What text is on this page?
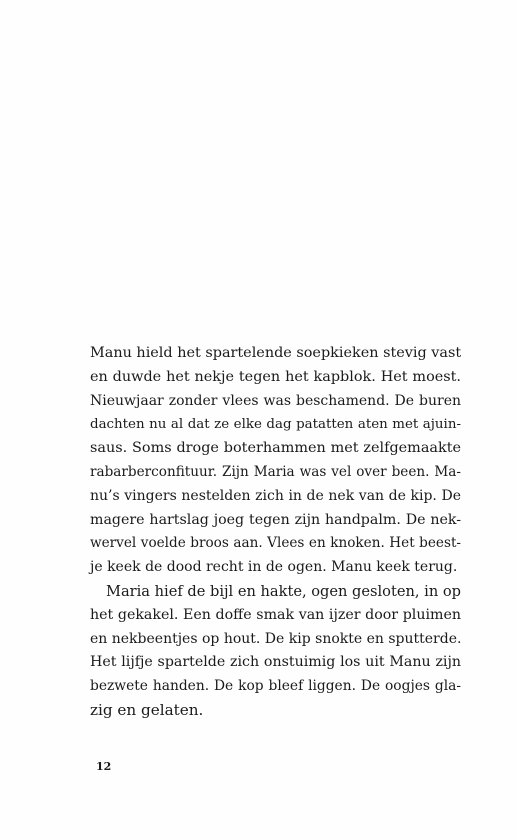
Manu hield het spartelende soepkieken stevig vast
en duwde het nekje tegen het kapblok. Het moest.
Nieuwjaar zonder vlees was beschamend. De buren
dachten nu al dat ze elke dag patatten aten met ajuin-
saus. Soms droge boterhammen met zelfgemaakte
rabarberconfituur. Zijn Maria was vel over been. Ma-
nu’s vingers nestelden zich in de nek van de kip. De
magere hartslag joeg tegen zijn handpalm. De nek-
wervel voelde broos aan. Vlees en knoken. Het beest-
je keek de dood recht in de ogen. Manu keek terug.
Maria hief de bijl en hakte, ogen gesloten, in op
het gekakel. Een doffe smak van ijzer door pluimen
en nekbeentjes op hout. De kip snokte en sputterde.
Het lijfje spartelde zich onstuimig los uit Manu zijn
bezwete handen. De kop bleef liggen. De oogjes gla-
zig en gelaten.
12
